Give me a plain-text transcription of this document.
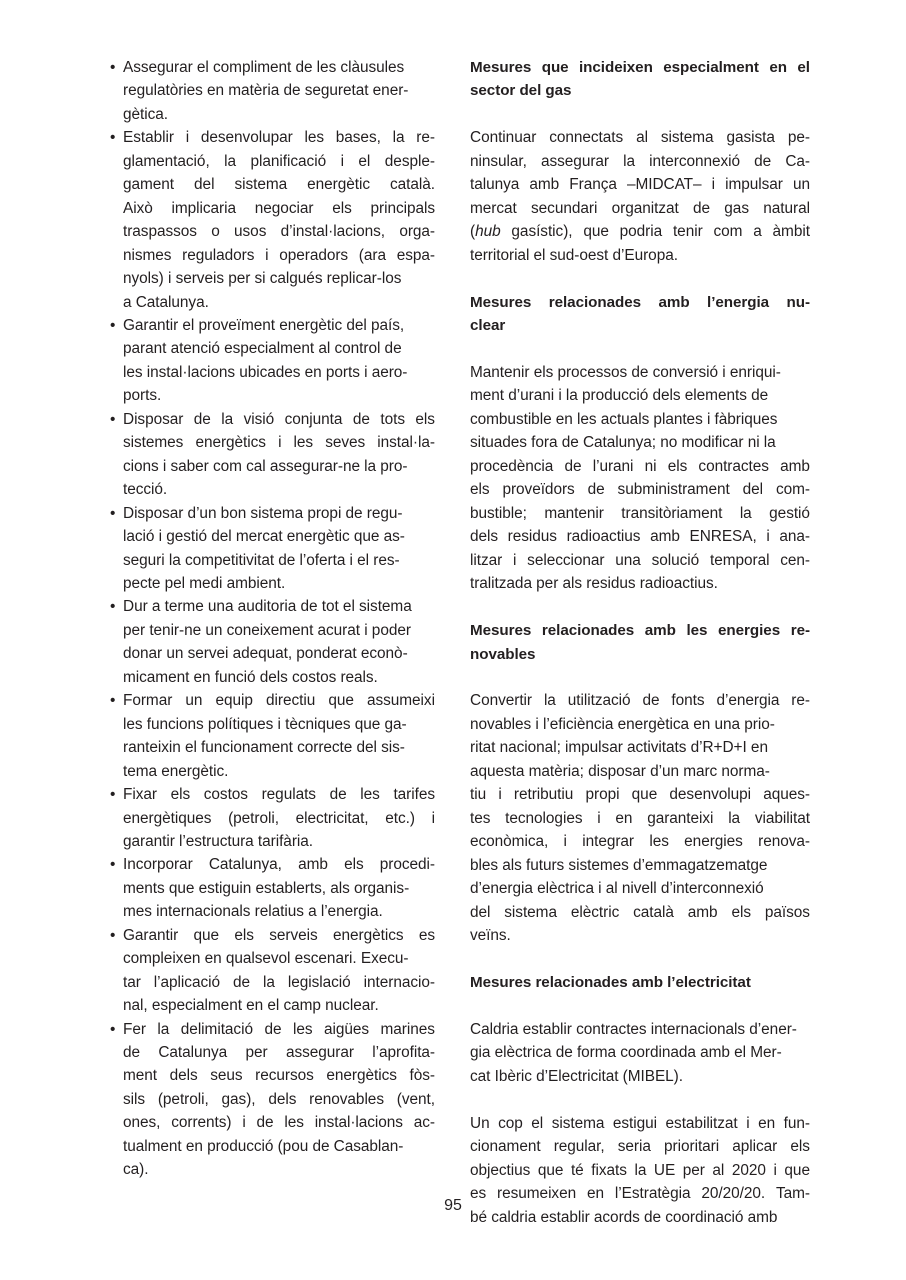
• Assegurar el compliment de les clàusules
regulatòries en matèria de seguretat ener-
gètica.
• Establir i desenvolupar les bases, la re-
glamentació, la planificació i el desple-
gament del sistema energètic català.
Això implicaria negociar els principals
traspassos o usos d’instal·lacions, orga-
nismes reguladors i operadors (ara espa-
nyols) i serveis per si calgués replicar-los
a Catalunya.
• Garantir el proveïment energètic del país,
parant atenció especialment al control de
les instal·lacions ubicades en ports i aero-
ports.
• Disposar de la visió conjunta de tots els
sistemes energètics i les seves instal·la-
cions i saber com cal assegurar-ne la pro-
tecció.
• Disposar d’un bon sistema propi de regu-
lació i gestió del mercat energètic que as-
seguri la competitivitat de l’oferta i el res-
pecte pel medi ambient.
• Dur a terme una auditoria de tot el sistema
per tenir-ne un coneixement acurat i poder
donar un servei adequat, ponderat econò-
micament en funció dels costos reals.
• Formar un equip directiu que assumeixi
les funcions polítiques i tècniques que ga-
ranteixin el funcionament correcte del sis-
tema energètic.
• Fixar els costos regulats de les tarifes
energètiques (petroli, electricitat, etc.) i
garantir l’estructura tarifària.
• Incorporar Catalunya, amb els procedi-
ments que estiguin establerts, als organis-
mes internacionals relatius a l’energia.
• Garantir que els serveis energètics es
compleixen en qualsevol escenari. Execu-
tar l’aplicació de la legislació internacio-
nal, especialment en el camp nuclear.
• Fer la delimitació de les aigües marines
de Catalunya per assegurar l’aprofita-
ment dels seus recursos energètics fòs-
sils (petroli, gas), dels renovables (vent,
ones, corrents) i de les instal·lacions ac-
tualment en producció (pou de Casablan-
ca).
Mesures que incideixen especialment en el
sector del gas

Continuar connectats al sistema gasista pe-
ninsular, assegurar la interconnexió de Ca-
talunya amb França –MIDCAT– i impulsar un
mercat secundari organitzat de gas natural
(hub gasístic), que podria tenir com a àmbit
territorial el sud-oest d’Europa.

Mesures relacionades amb l’energia nu-
clear

Mantenir els processos de conversió i enriqui-
ment d’urani i la producció dels elements de
combustible en les actuals plantes i fàbriques
situades fora de Catalunya; no modificar ni la
procedència de l’urani ni els contractes amb
els proveïdors de subministrament del com-
bustible; mantenir transitòriament la gestió
dels residus radioactius amb ENRESA, i ana-
litzar i seleccionar una solució temporal cen-
tralitzada per als residus radioactius.

Mesures relacionades amb les energies re-
novables

Convertir la utilització de fonts d’energia re-
novables i l’eficiència energètica en una prio-
ritat nacional; impulsar activitats d’R+D+I en
aquesta matèria; disposar d’un marc norma-
tiu i retributiu propi que desenvolupi aques-
tes tecnologies i en garanteixi la viabilitat
econòmica, i integrar les energies renova-
bles als futurs sistemes d’emmagatzematge
d’energia elèctrica i al nivell d’interconnexió
del sistema elèctric català amb els països
veïns.

Mesures relacionades amb l’electricitat

Caldria establir contractes internacionals d’ener-
gia elèctrica de forma coordinada amb el Mer-
cat Ibèric d’Electricitat (MIBEL).

Un cop el sistema estigui estabilitzat i en fun-
cionament regular, seria prioritari aplicar els
objectius que té fixats la UE per al 2020 i que
es resumeixen en l’Estratègia 20/20/20. Tam-
bé caldria establir acords de coordinació amb

95
